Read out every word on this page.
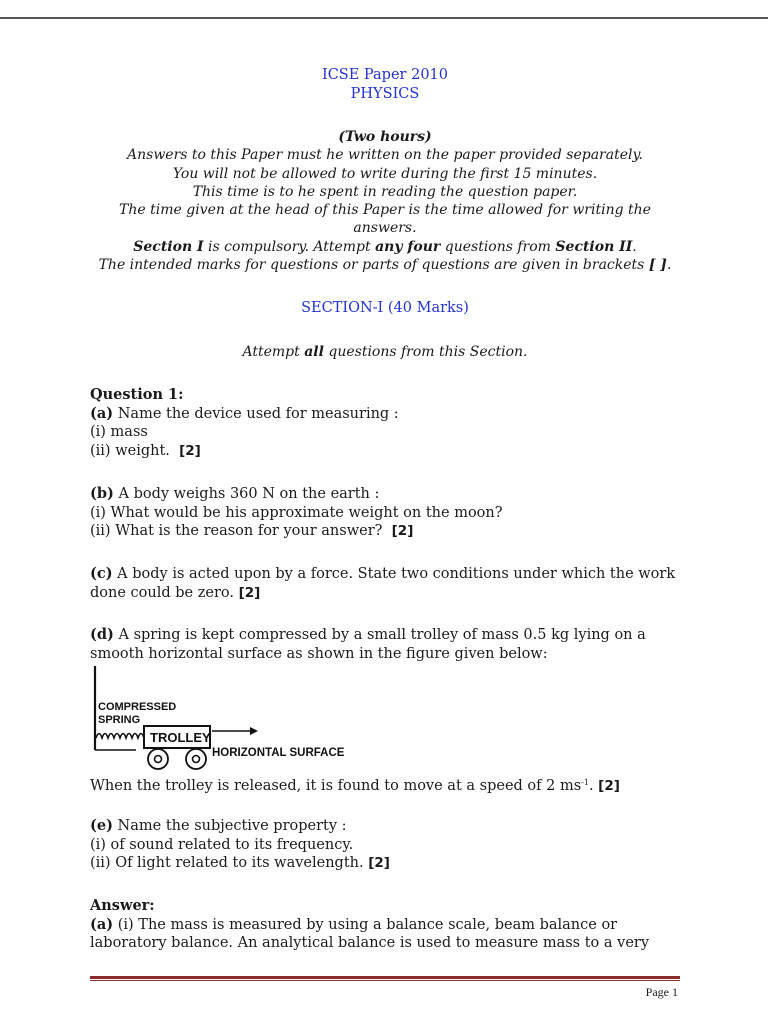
ICSE Paper 2010
PHYSICS
(Two hours)
Answers to this Paper must he written on the paper provided separately.
You will not be allowed to write during the first 15 minutes.
This time is to he spent in reading the question paper.
The time given at the head of this Paper is the time allowed for writing the answers.
Section I is compulsory. Attempt any four questions from Section II.
The intended marks for questions or parts of questions are given in brackets [ ].
SECTION-I (40 Marks)
Attempt all questions from this Section.
Question 1:
(a) Name the device used for measuring :
(i) mass
(ii) weight. [2]
(b) A body weighs 360 N on the earth :
(i) What would be his approximate weight on the moon?
(ii) What is the reason for your answer? [2]
(c) A body is acted upon by a force. State two conditions under which the work done could be zero. [2]
(d) A spring is kept compressed by a small trolley of mass 0.5 kg lying on a smooth horizontal surface as shown in the figure given below:
COMPRESSED
SPRING
TROLLEY
HORIZONTAL SURFACE
When the trolley is released, it is found to move at a speed of 2 $ms^{-1}$. [2]
(e) Name the subjective property :
(i) of sound related to its frequency.
(ii) Of light related to its wavelength. [2]
Answer:
(a) (i) The mass is measured by using a balance scale, beam balance or laboratory balance. An analytical balance is used to measure mass to a very
Page 1
